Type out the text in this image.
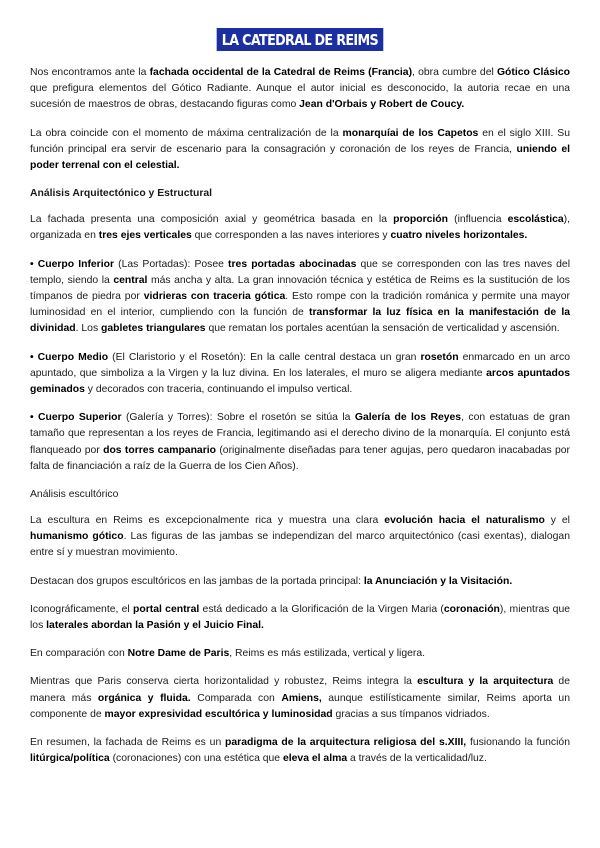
LA CATEDRAL DE REIMS

Nos encontramos ante la fachada occidental de la Catedral de Reims (Francia), obra cumbre del Gótico Clásico que prefigura elementos del Gótico Radiante. Aunque el autor inicial es desconocido, la autoria recae en una sucesión de maestros de obras, destacando figuras como Jean d'Orbais y Robert de Coucy.

La obra coincide con el momento de máxima centralización de la monarquíai de los Capetos en el siglo XIII. Su función principal era servir de escenario para la consagración y coronación de los reyes de Francia, uniendo el poder terrenal con el celestial.

Análisis Arquitectónico y Estructural

La fachada presenta una composición axial y geométrica basada en la proporción (influencia escolástica), organizada en tres ejes verticales que corresponden a las naves interiores y cuatro niveles horizontales.

• Cuerpo Inferior (Las Portadas): Posee tres portadas abocinadas que se corresponden con las tres naves del templo, siendo la central más ancha y alta. La gran innovación técnica y estética de Reims es la sustitución de los tímpanos de piedra por vidrieras con traceria gótica. Esto rompe con la tradición románica y permite una mayor luminosidad en el interior, cumpliendo con la función de transformar la luz física en la manifestación de la divinidad. Los gabletes triangulares que rematan los portales acentúan la sensación de verticalidad y ascensión.

• Cuerpo Medio (El Claristorio y el Rosetón): En la calle central destaca un gran rosetón enmarcado en un arco apuntado, que simboliza a la Virgen y la luz divina. En los laterales, el muro se aligera mediante arcos apuntados geminados y decorados con traceria, continuando el impulso vertical.

• Cuerpo Superior (Galería y Torres): Sobre el rosetón se sitúa la Galería de los Reyes, con estatuas de gran tamaño que representan a los reyes de Francia, legitimando asi el derecho divino de la monarquía. El conjunto está flanqueado por dos torres campanario (originalmente diseñadas para tener agujas, pero quedaron inacabadas por falta de financiación a raíz de la Guerra de los Cien Años).

Análisis escultórico

La escultura en Reims es excepcionalmente rica y muestra una clara evolución hacia el naturalismo y el humanismo gótico. Las figuras de las jambas se independizan del marco arquitectónico (casi exentas), dialogan entre sí y muestran movimiento.

Destacan dos grupos escultóricos en las jambas de la portada principal: la Anunciación y la Visitación.

Iconográficamente, el portal central está dedicado a la Glorificación de la Virgen Maria (coronación), mientras que los laterales abordan la Pasión y el Juicio Final.

En comparación con Notre Dame de Paris, Reims es más estilizada, vertical y ligera.

Mientras que Paris conserva cierta horizontalidad y robustez, Reims integra la escultura y la arquitectura de manera más orgánica y fluida. Comparada con Amiens, aunque estilísticamente similar, Reims aporta un componente de mayor expresividad escultórica y luminosidad gracias a sus tímpanos vidriados.

En resumen, la fachada de Reims es un paradigma de la arquitectura religiosa del s.XIII, fusionando la función litúrgica/política (coronaciones) con una estética que eleva el alma a través de la verticalidad/luz.
